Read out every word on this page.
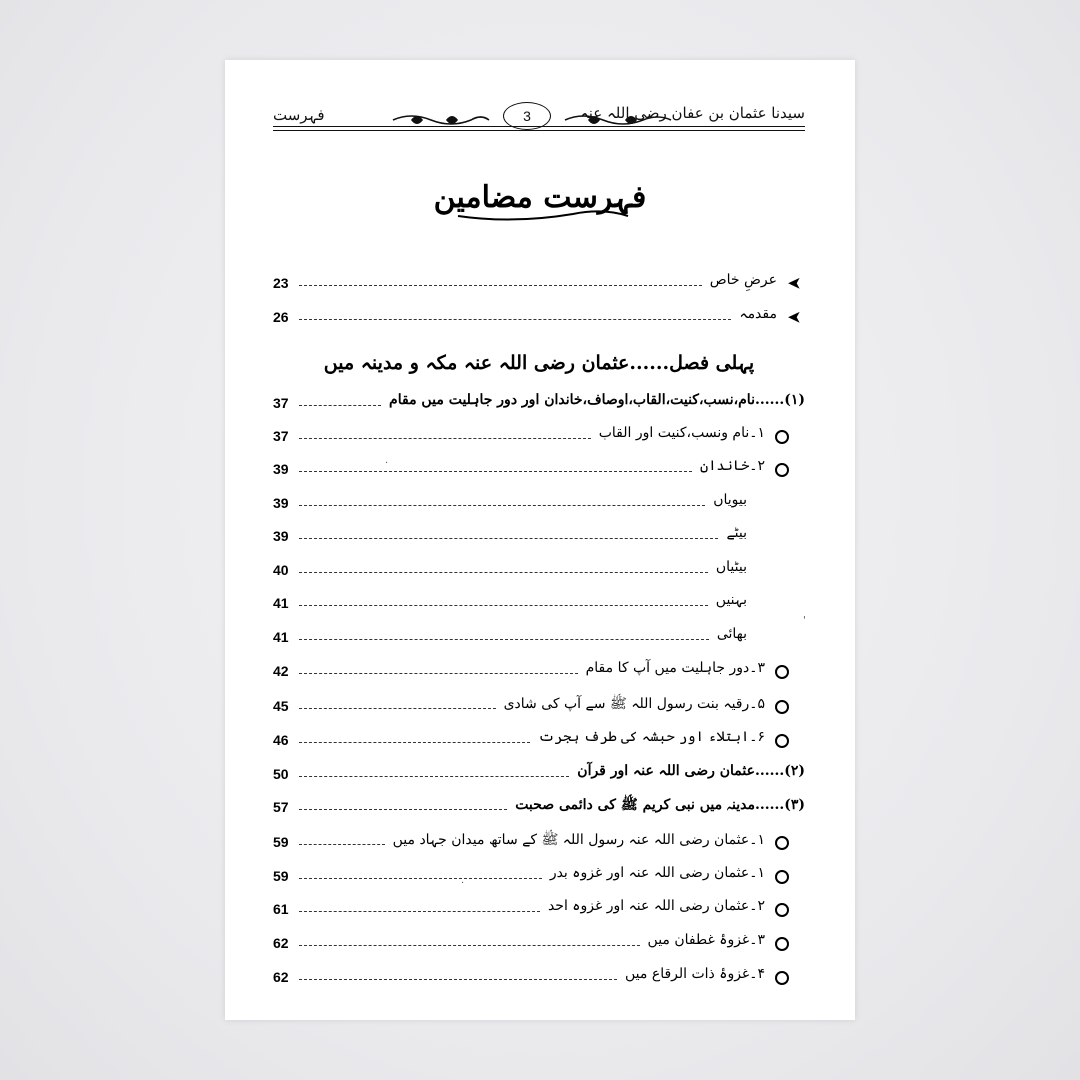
فہرست	3	سیدنا عثمان بن عفان رضی اللہ عنہ
فہرست مضامین
پہلی فصل......عثمان رضی اللہ عنہ مکہ و مدینہ میں
23	عرضِ خاص ➤
26	مقدمہ ➤
37	(۱)......نام،نسب،کنیت،القاب،اوصاف،خاندان اور دور جاہلیت میں مقام
37	۱۔نام ونسب،کنیت اور القاب
39	۲۔خاندان
39	بیویاں
39	بیٹے
40	بیٹیاں
41	بہنیں
41	بھائی
42	۳۔دور جاہلیت میں آپ کا مقام
45	۵۔رقیہ بنت رسول اللہ ﷺ سے آپ کی شادی
46	۶۔ابتلاء اور حبشہ کی طرف ہجرت
50	(۲)......عثمان رضی اللہ عنہ اور قرآن
57	(۳)......مدینہ میں نبی کریم ﷺ کی دائمی صحبت
59	۱۔عثمان رضی اللہ عنہ رسول اللہ ﷺ کے ساتھ میدان جہاد میں
59	۱۔عثمان رضی اللہ عنہ اور غزوہ بدر
61	۲۔عثمان رضی اللہ عنہ اور غزوہ احد
62	۳۔غزوۂ غطفان میں
62	۴۔غزوۂ ذات الرقاع میں
·
·
'
